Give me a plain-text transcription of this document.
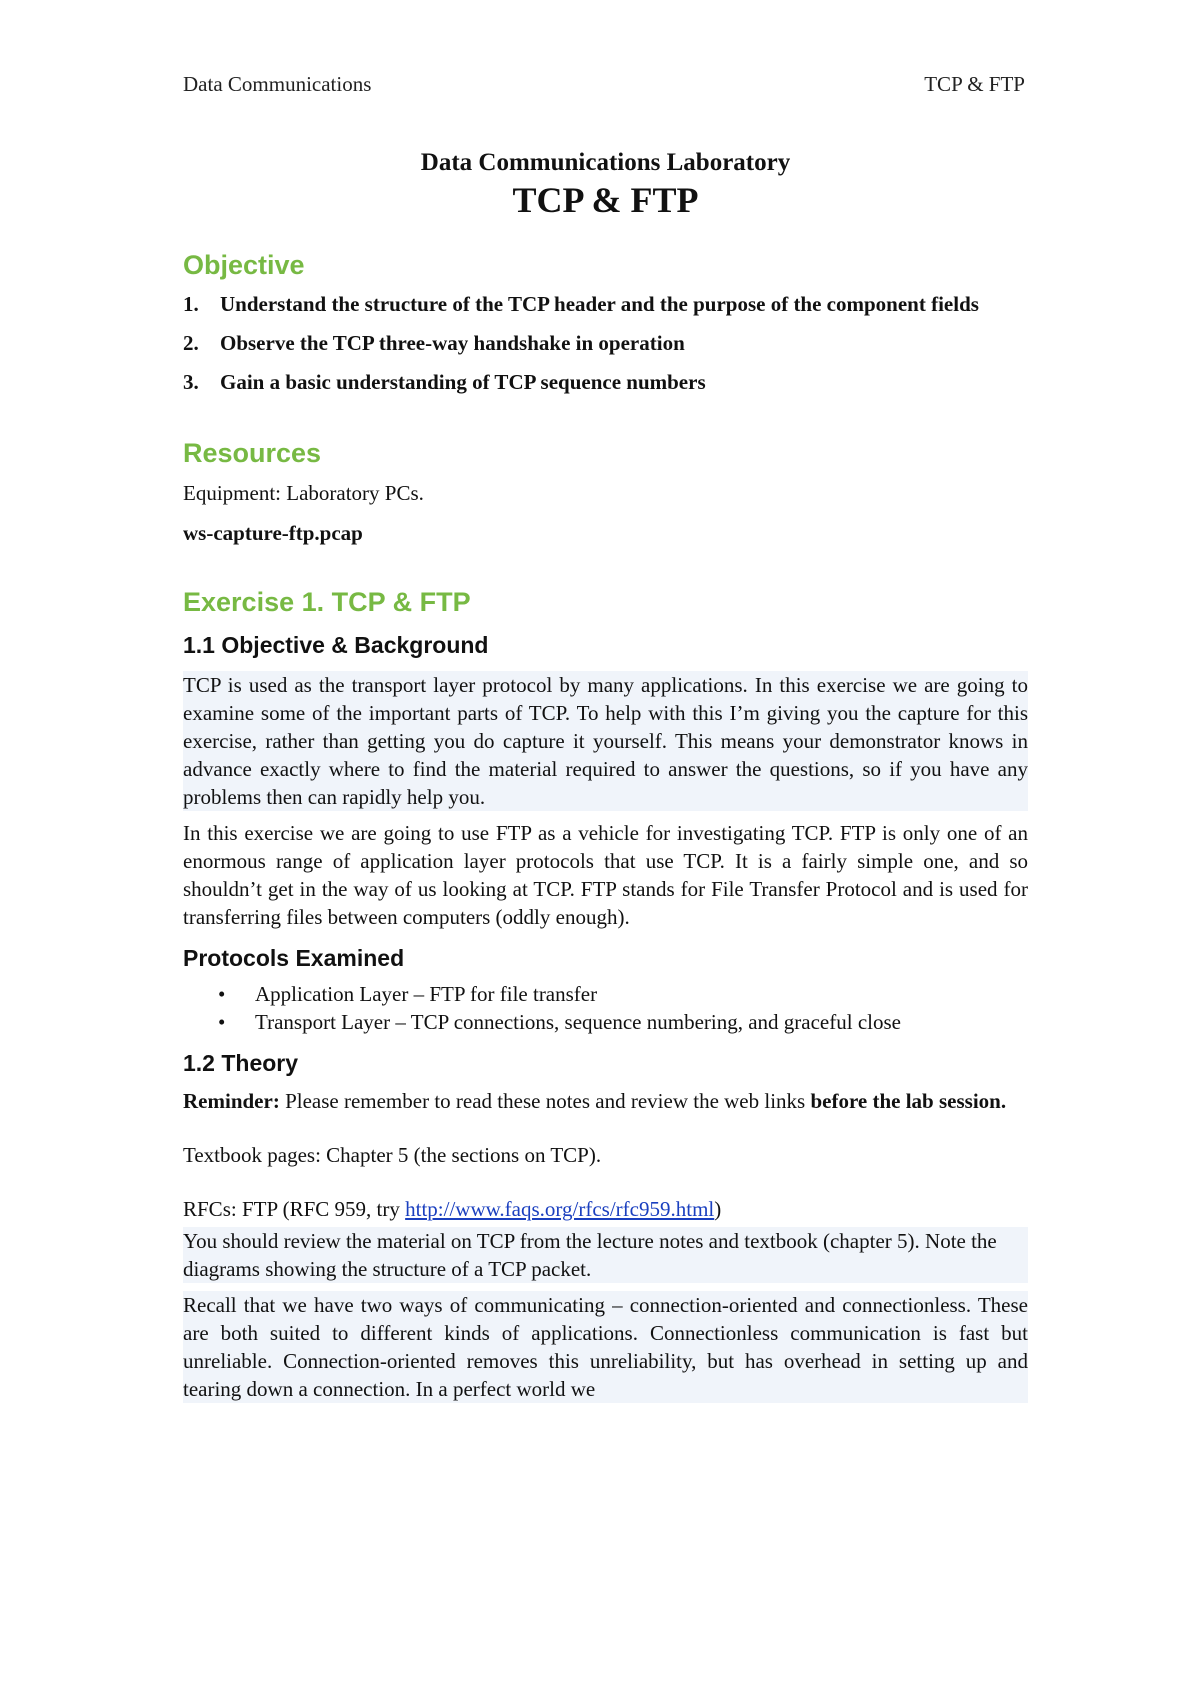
Data Communications	TCP & FTP
Data Communications Laboratory
TCP & FTP
Objective
1.	Understand the structure of the TCP header and the purpose of the component fields
2.	Observe the TCP three-way handshake in operation
3.	Gain a basic understanding of TCP sequence numbers
Resources

Equipment: Laboratory PCs.

ws-capture-ftp.pcap

Exercise 1. TCP & FTP
1.1 Objective & Background

TCP is used as the transport layer protocol by many applications. In this exercise we are going to examine some of the important parts of TCP. To help with this I’m giving you the capture for this exercise, rather than getting you do capture it yourself. This means your demonstrator knows in advance exactly where to find the material required to answer the questions, so if you have any problems then can rapidly help you.

In this exercise we are going to use FTP as a vehicle for investigating TCP. FTP is only one of an enormous range of application layer protocols that use TCP. It is a fairly simple one, and so shouldn’t get in the way of us looking at TCP. FTP stands for File Transfer Protocol and is used for transferring files between computers (oddly enough).

Protocols Examined
•	Application Layer – FTP for file transfer
•	Transport Layer – TCP connections, sequence numbering, and graceful close
1.2 Theory

Reminder: Please remember to read these notes and review the web links before the lab session.

Textbook pages: Chapter 5 (the sections on TCP).

RFCs: FTP (RFC 959, try http://www.faqs.org/rfcs/rfc959.html)

You should review the material on TCP from the lecture notes and textbook (chapter 5). Note the diagrams showing the structure of a TCP packet.

Recall that we have two ways of communicating – connection-oriented and connectionless. These are both suited to different kinds of applications. Connectionless communication is fast but unreliable. Connection-oriented removes this unreliability, but has overhead in setting up and tearing down a connection. In a perfect world we
